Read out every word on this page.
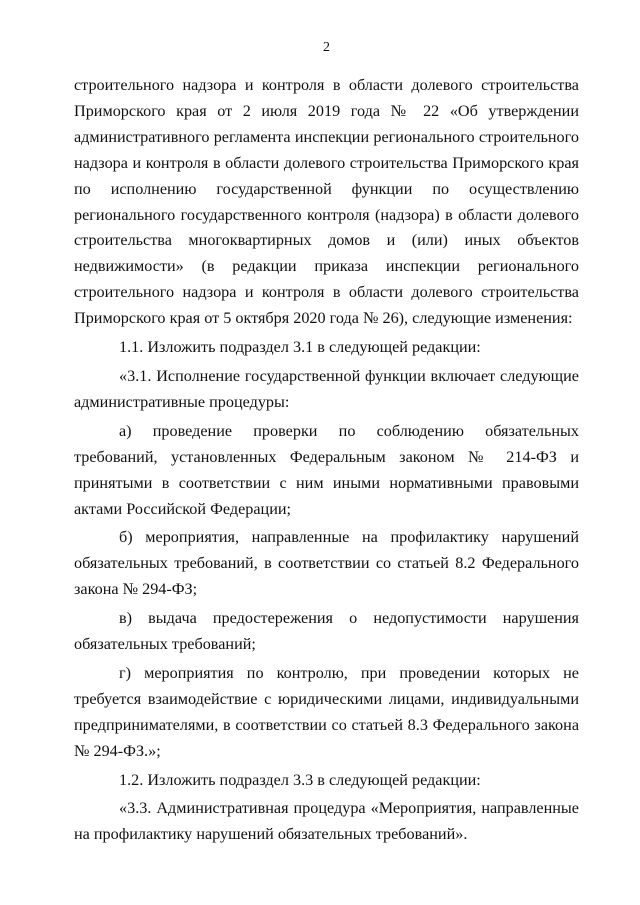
2

строительного надзора и контроля в области долевого строительства Приморского края от 2 июля 2019 года № 22 «Об утверждении административного регламента инспекции регионального строительного надзора и контроля в области долевого строительства Приморского края по исполнению государственной функции по осуществлению регионального государственного контроля (надзора) в области долевого строительства многоквартирных домов и (или) иных объектов недвижимости» (в редакции приказа инспекции регионального строительного надзора и контроля в области долевого строительства Приморского края от 5 октября 2020 года № 26), следующие изменения:

1.1. Изложить подраздел 3.1 в следующей редакции:

«3.1. Исполнение государственной функции включает следующие административные процедуры:

а) проведение проверки по соблюдению обязательных требований, установленных Федеральным законом № 214-ФЗ и принятыми в соответствии с ним иными нормативными правовыми актами Российской Федерации;

б) мероприятия, направленные на профилактику нарушений обязательных требований, в соответствии со статьей 8.2 Федерального закона № 294-ФЗ;

в) выдача предостережения о недопустимости нарушения обязательных требований;

г) мероприятия по контролю, при проведении которых не требуется взаимодействие с юридическими лицами, индивидуальными предпринимателями, в соответствии со статьей 8.3 Федерального закона № 294-ФЗ.»;

1.2. Изложить подраздел 3.3 в следующей редакции:

«3.3. Административная процедура «Мероприятия, направленные на профилактику нарушений обязательных требований».
